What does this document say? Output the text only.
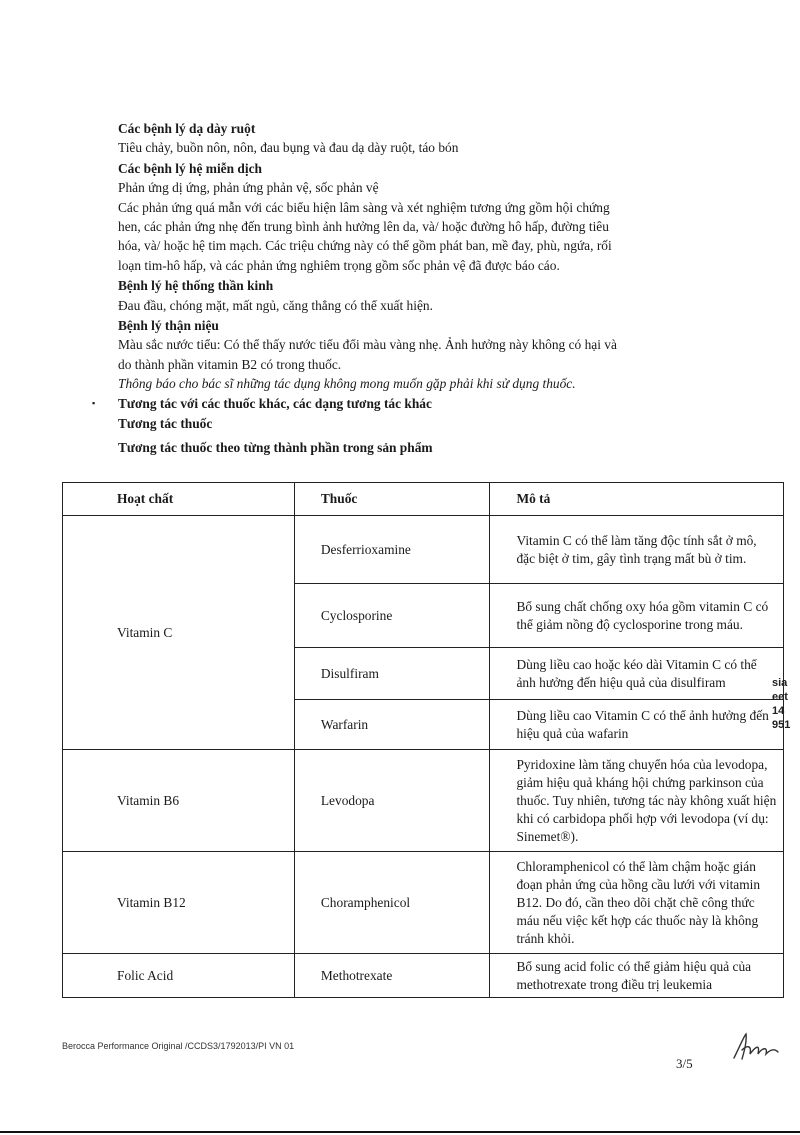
Các bệnh lý dạ dày ruột
Tiêu chảy, buồn nôn, nôn, đau bụng và đau dạ dày ruột, táo bón
Các bệnh lý hệ miễn dịch
Phản ứng dị ứng, phản ứng phản vệ, sốc phản vệ
Các phản ứng quá mẫn với các biểu hiện lâm sàng và xét nghiệm tương ứng gồm hội chứng
hen, các phản ứng nhẹ đến trung bình ảnh hưởng lên da, và/ hoặc đường hô hấp, đường tiêu
hóa, và/ hoặc hệ tim mạch. Các triệu chứng này có thể gồm phát ban, mề đay, phù, ngứa, rối
loạn tim-hô hấp, và các phản ứng nghiêm trọng gồm sốc phản vệ đã được báo cáo.
Bệnh lý hệ thống thần kinh
Đau đầu, chóng mặt, mất ngủ, căng thẳng có thể xuất hiện.
Bệnh lý thận niệu
Màu sắc nước tiểu: Có thể thấy nước tiểu đổi màu vàng nhẹ. Ảnh hưởng này không có hại và
do thành phần vitamin B2 có trong thuốc.
Thông báo cho bác sĩ những tác dụng không mong muốn gặp phải khi sử dụng thuốc.
▪ Tương tác với các thuốc khác, các dạng tương tác khác
Tương tác thuốc
Tương tác thuốc theo từng thành phần trong sản phẩm
Hoạt chất	Thuốc	Mô tả
Vitamin C	Desferrioxamine	Vitamin C có thể làm tăng độc tính sắt ở mô, đặc biệt ở tim, gây tình trạng mất bù ở tim.
	Cyclosporine	Bổ sung chất chống oxy hóa gồm vitamin C có thể giảm nồng độ cyclosporine trong máu.
	Disulfiram	Dùng liều cao hoặc kéo dài Vitamin C có thể ảnh hưởng đến hiệu quả của disulfiram
	Warfarin	Dùng liều cao Vitamin C có thể ảnh hưởng đến hiệu quả của wafarin
Vitamin B6	Levodopa	Pyridoxine làm tăng chuyển hóa của levodopa, giảm hiệu quả kháng hội chứng parkinson của thuốc. Tuy nhiên, tương tác này không xuất hiện khi có carbidopa phối hợp với levodopa (ví dụ: Sinemet®).
Vitamin B12	Choramphenicol	Chloramphenicol có thể làm chậm hoặc gián đoạn phản ứng của hồng cầu lưới với vitamin B12. Do đó, cần theo dõi chặt chẽ công thức máu nếu việc kết hợp các thuốc này là không tránh khỏi.
Folic Acid	Methotrexate	Bổ sung acid folic có thể giảm hiệu quả của methotrexate trong điều trị leukemia
sia
eet
14
951
Berocca Performance Original /CCDS3/1792013/PI VN 01
3/5
